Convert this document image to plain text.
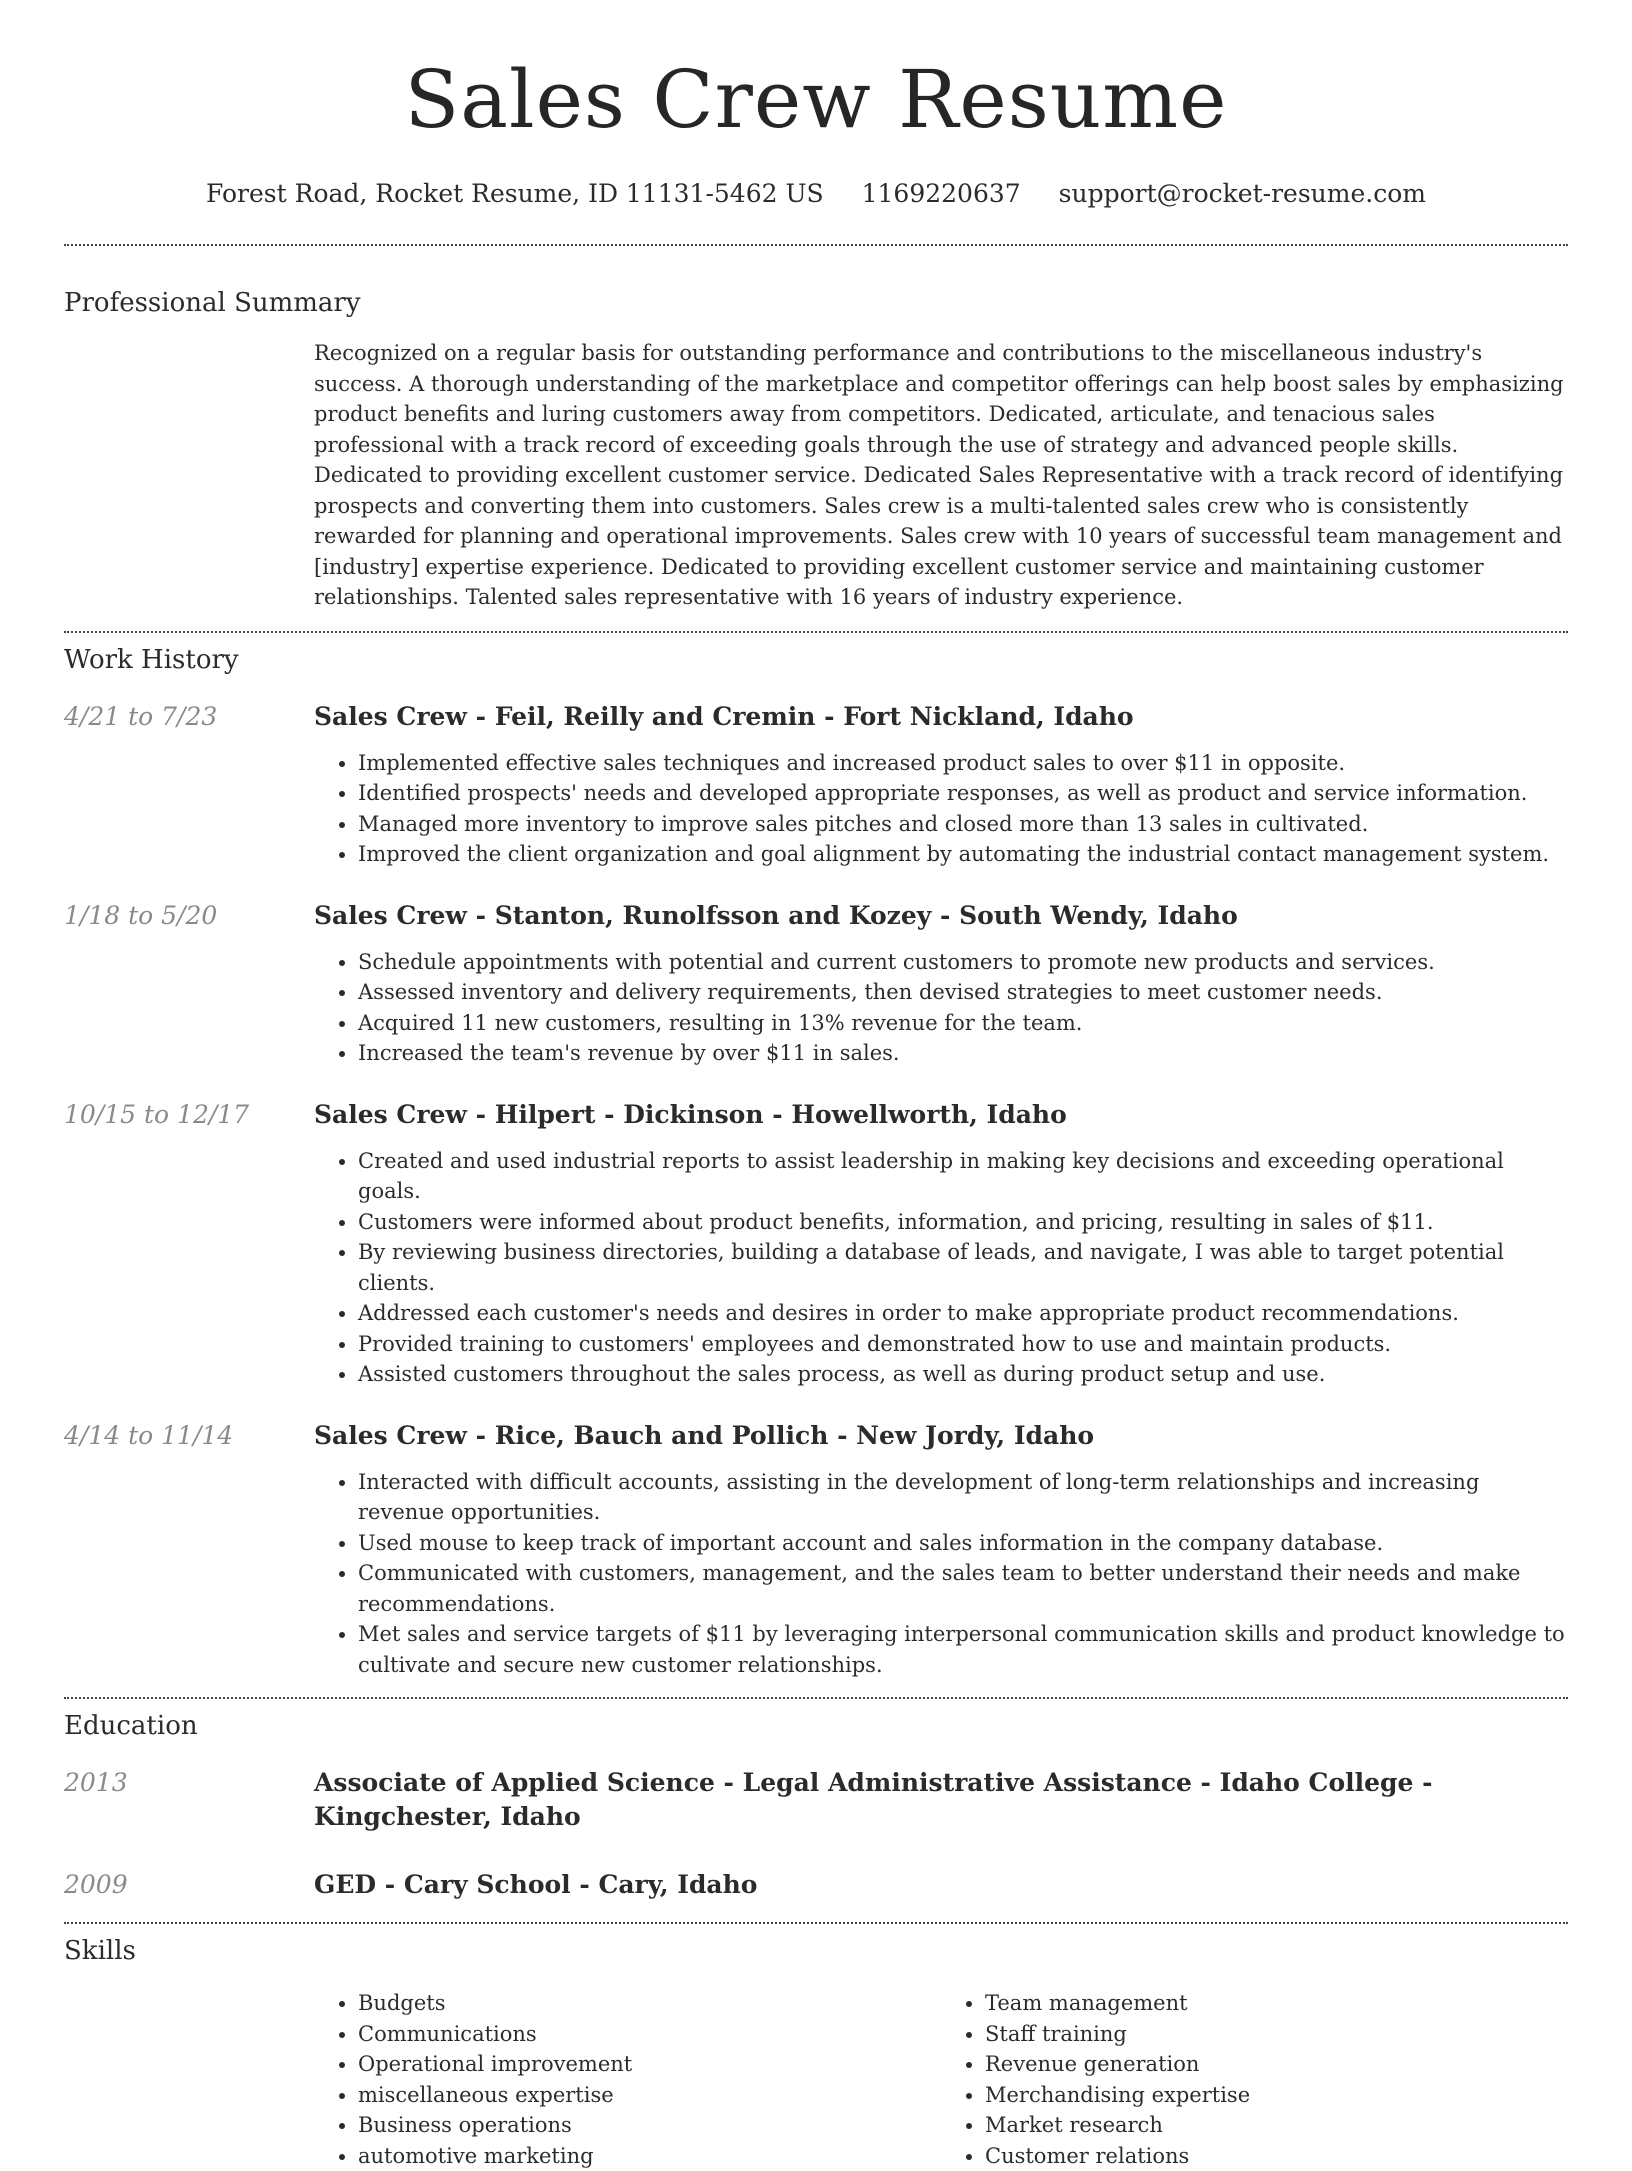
Sales Crew Resume
Forest Road, Rocket Resume, ID 11131-5462 US 1169220637 support@rocket-resume.com
Professional Summary

Recognized on a regular basis for outstanding performance and contributions to the miscellaneous industry's success. A thorough understanding of the marketplace and competitor offerings can help boost sales by emphasizing product benefits and luring customers away from competitors. Dedicated, articulate, and tenacious sales professional with a track record of exceeding goals through the use of strategy and advanced people skills. Dedicated to providing excellent customer service. Dedicated Sales Representative with a track record of identifying prospects and converting them into customers. Sales crew is a multi-talented sales crew who is consistently rewarded for planning and operational improvements. Sales crew with 10 years of successful team management and [industry] expertise experience. Dedicated to providing excellent customer service and maintaining customer relationships. Talented sales representative with 16 years of industry experience.

Work History
4/21 to 7/23	Sales Crew - Feil, Reilly and Cremin - Fort Nickland, Idaho
• Implemented effective sales techniques and increased product sales to over $11 in opposite.
• Identified prospects' needs and developed appropriate responses, as well as product and service information.
• Managed more inventory to improve sales pitches and closed more than 13 sales in cultivated.
• Improved the client organization and goal alignment by automating the industrial contact management system.
1/18 to 5/20	Sales Crew - Stanton, Runolfsson and Kozey - South Wendy, Idaho
• Schedule appointments with potential and current customers to promote new products and services.
• Assessed inventory and delivery requirements, then devised strategies to meet customer needs.
• Acquired 11 new customers, resulting in 13% revenue for the team.
• Increased the team's revenue by over $11 in sales.
10/15 to 12/17	Sales Crew - Hilpert - Dickinson - Howellworth, Idaho
• Created and used industrial reports to assist leadership in making key decisions and exceeding operational goals.
• Customers were informed about product benefits, information, and pricing, resulting in sales of $11.
• By reviewing business directories, building a database of leads, and navigate, I was able to target potential clients.
• Addressed each customer's needs and desires in order to make appropriate product recommendations.
• Provided training to customers' employees and demonstrated how to use and maintain products.
• Assisted customers throughout the sales process, as well as during product setup and use.
4/14 to 11/14	Sales Crew - Rice, Bauch and Pollich - New Jordy, Idaho
• Interacted with difficult accounts, assisting in the development of long-term relationships and increasing revenue opportunities.
• Used mouse to keep track of important account and sales information in the company database.
• Communicated with customers, management, and the sales team to better understand their needs and make recommendations.
• Met sales and service targets of $11 by leveraging interpersonal communication skills and product knowledge to cultivate and secure new customer relationships.
Education
2013	Associate of Applied Science - Legal Administrative Assistance - Idaho College - Kingchester, Idaho
2009	GED - Cary School - Cary, Idaho
Skills
• Budgets
• Communications
• Operational improvement
• miscellaneous expertise
• Business operations
• automotive marketing
• Team management
• Staff training
• Revenue generation
• Merchandising expertise
• Market research
• Customer relations
